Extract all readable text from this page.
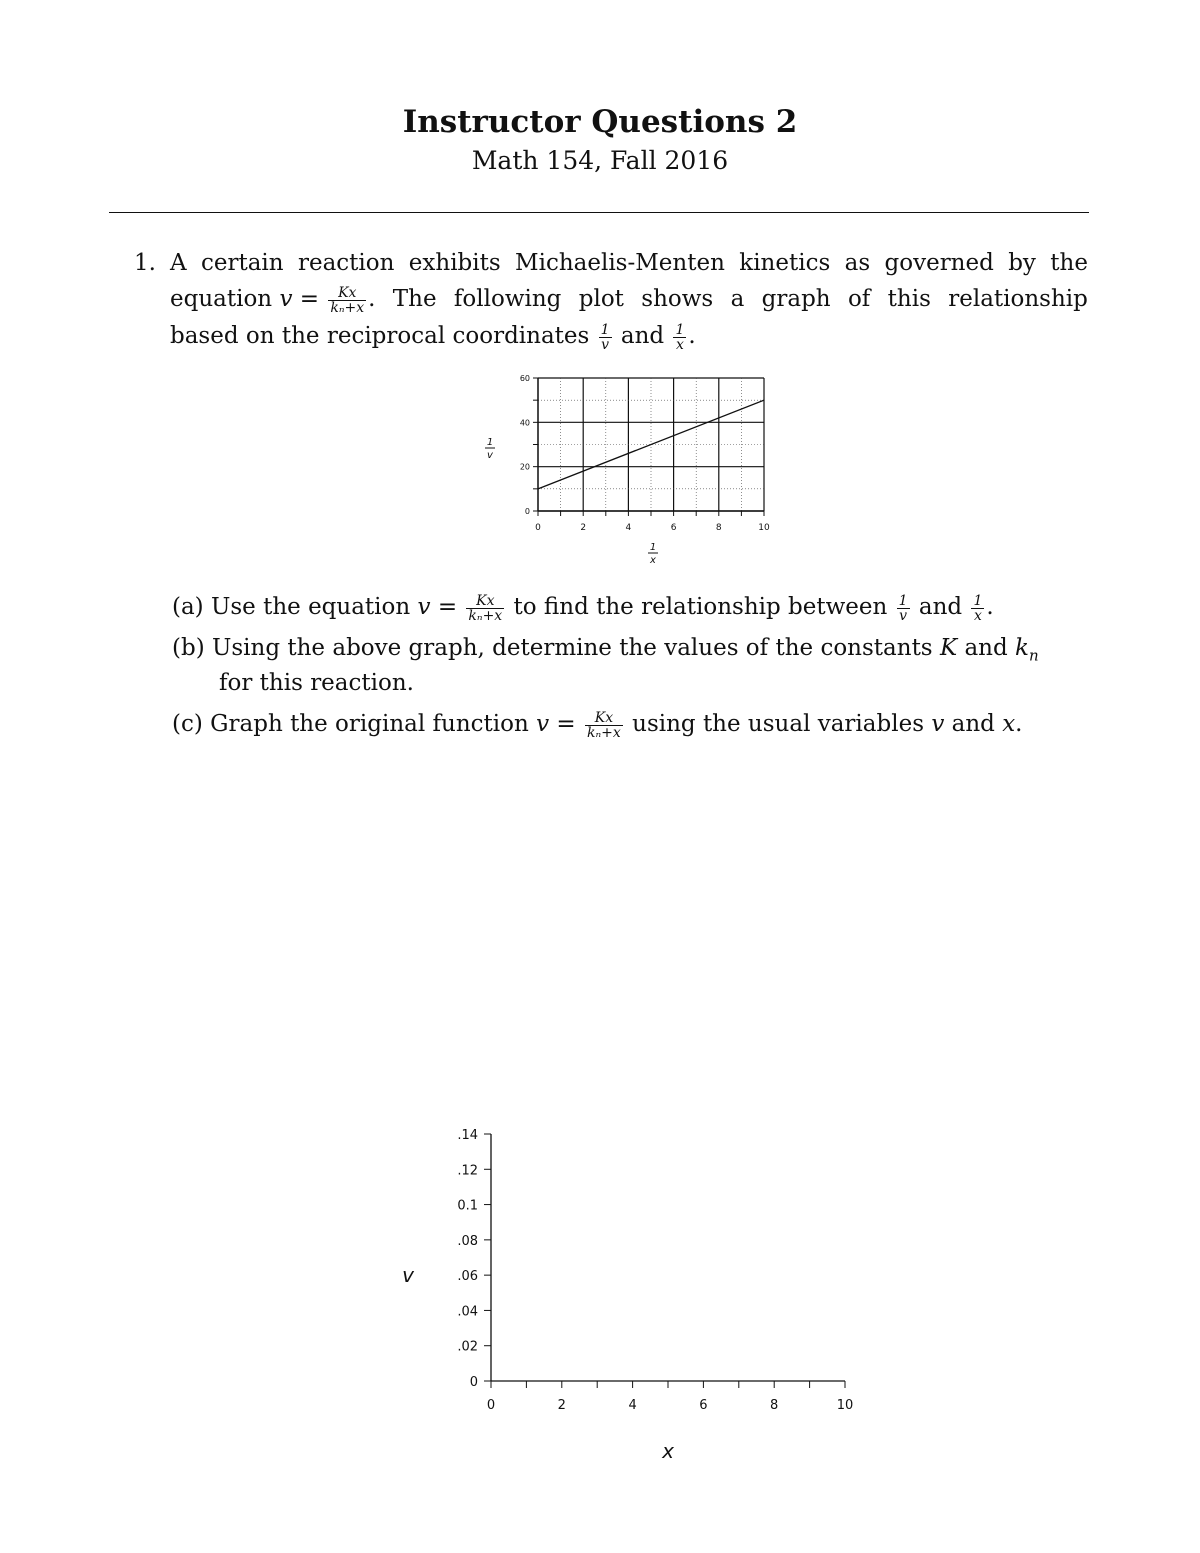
Instructor Questions 2
Math 154, Fall 2016
1. A certain reaction exhibits Michaelis-Menten kinetics as governed by the
equation $v = \frac{Kx}{\text{kₙ+x}}$ . The following plot shows a graph of this relationship
based on the reciprocal coordinates $\frac{1}{v}$ and $\frac{1}{x}$ .
0	2	4	6	8	10
0
20
40
60
1
v
1
x
(a) Use the equation $v = \frac{Kx}{\text{kₙ+x}}$ to find the relationship between $\frac{1}{v}$ and $\frac{1}{x}$ .
(b) Using the above graph, determine the values of the constants K and $k_n$
for this reaction.
(c) Graph the original function $v = \frac{Kx}{\text{kₙ+x}}$ using the usual variables v and x.
0	2	4	6	8	10
0
.02
.04
.06
.08
0.1
.12
.14
v
x
